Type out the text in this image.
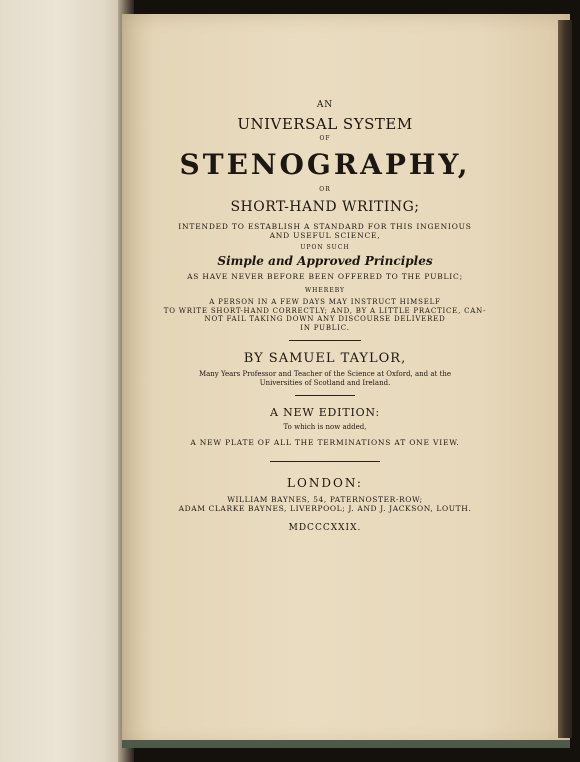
AN
UNIVERSAL SYSTEM
OF
STENOGRAPHY,
OR
SHORT-HAND WRITING;
INTENDED TO ESTABLISH A STANDARD FOR THIS INGENIOUS
AND USEFUL SCIENCE,
UPON SUCH
Simple and Approved Principles
AS HAVE NEVER BEFORE BEEN OFFERED TO THE PUBLIC;
WHEREBY
A PERSON IN A FEW DAYS MAY INSTRUCT HIMSELF
TO WRITE SHORT-HAND CORRECTLY; AND, BY A LITTLE PRACTICE, CAN-
NOT FAIL TAKING DOWN ANY DISCOURSE DELIVERED
IN PUBLIC.
BY SAMUEL TAYLOR,
Many Years Professor and Teacher of the Science at Oxford, and at the
Universities of Scotland and Ireland.
A NEW EDITION:
To which is now added,
A NEW PLATE OF ALL THE TERMINATIONS AT ONE VIEW.
LONDON:
WILLIAM BAYNES, 54, PATERNOSTER-ROW;
ADAM CLARKE BAYNES, LIVERPOOL; J. AND J. JACKSON, LOUTH.
MDCCCXXIX.
